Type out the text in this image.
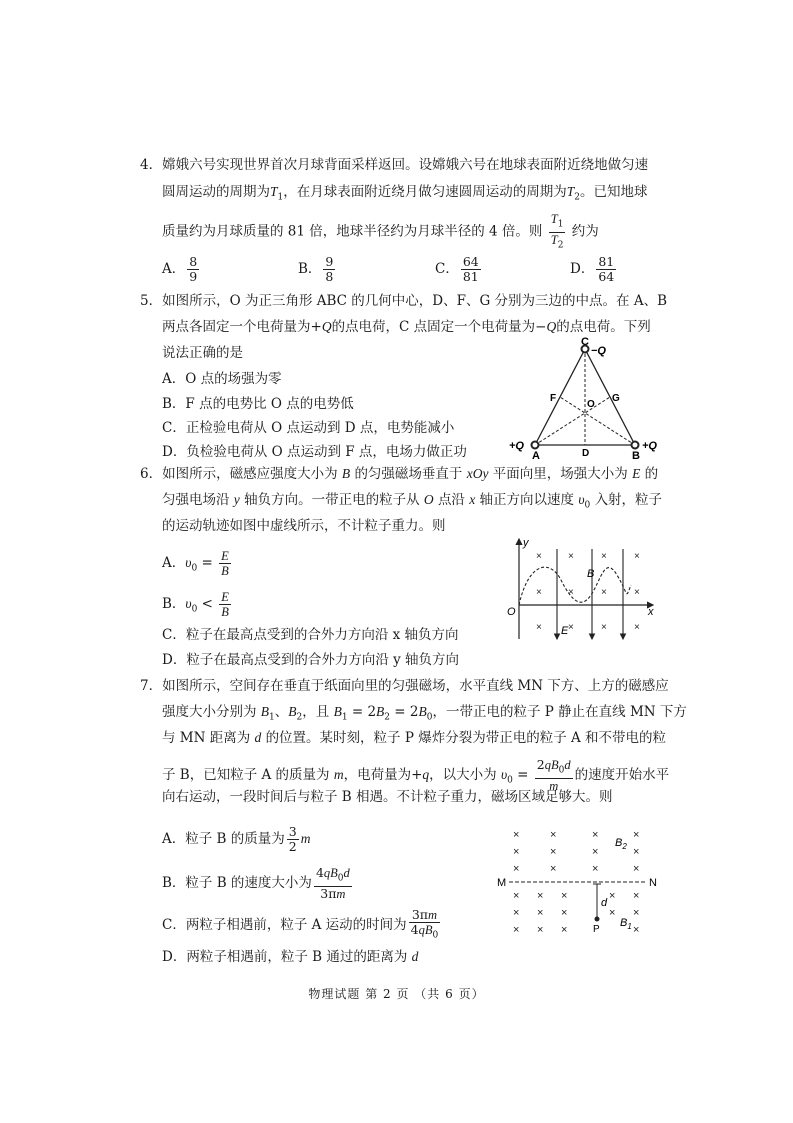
4．嫦娥六号实现世界首次月球背面采样返回。设嫦娥六号在地球表面附近绕地做匀速
圆周运动的周期为$T_1$，在月球表面附近绕月做匀速圆周运动的周期为$T_2$。已知地球
质量约为月球质量的 81 倍，地球半径约为月球半径的 4 倍。则 $\frac{T_1}{T_2}$ 约为
A． $\frac{8}{9}$	B． $\frac{9}{8}$	C． $\frac{64}{81}$	D． $\frac{81}{64}$
5．如图所示，O 为正三角形 ABC 的几何中心，D、F、G 分别为三边的中点。在 A、B
两点各固定一个电荷量为+Q的点电荷，C 点固定一个电荷量为−Q的点电荷。下列
说法正确的是
A．O 点的场强为零
B．F 点的电势比 O 点的电势低
C．正检验电荷从 O 点运动到 D 点，电势能减小
D．负检验电荷从 O 点运动到 F 点，电场力做正功
C
−Q
A
+Q
B
+Q
D
F	G
O
6．如图所示，磁感应强度大小为 B 的匀强磁场垂直于 xOy 平面向里，场强大小为 E 的
匀强电场沿 y 轴负方向。一带正电的粒子从 O 点沿 x 轴正方向以速度 $\upsilon_0$ 入射，粒子
的运动轨迹如图中虚线所示，不计粒子重力。则
A．$\upsilon_0 = \frac{E}{B}$
B．$\upsilon_0 < \frac{E}{B}$
C．粒子在最高点受到的合外力方向沿 x 轴负方向
D．粒子在最高点受到的合外力方向沿 y 轴负方向
y
x
O
×	×	×	×
×	×	×	×
×	×	×	×
B
E
7．如图所示，空间存在垂直于纸面向里的匀强磁场，水平直线 MN 下方、上方的磁感应
强度大小分别为 $B_1$、$B_2$，且 $B_1 = 2B_2 = 2B_0$，一带正电的粒子 P 静止在直线 MN 下方
与 MN 距离为 d 的位置。某时刻，粒子 P 爆炸分裂为带正电的粒子 A 和不带电的粒
子 B，已知粒子 A 的质量为 m，电荷量为+q，以大小为 $\upsilon_0 = \frac{2qB_0d}{m}$ 的速度开始水平
向右运动，一段时间后与粒子 B 相遇。不计粒子重力，磁场区域足够大。则
A．粒子 B 的质量为 $\frac{3}{2}$ m
B．粒子 B 的速度大小为 $\frac{4qB_0d}{3\pi m}$
C．两粒子相遇前，粒子 A 运动的时间为 $\frac{3\pi m}{4qB_0}$
D．两粒子相遇前，粒子 B 通过的距离为 d
×	×	×	×
×	×	×	×
×	×	×	×
$B_2$
M	N
× × ×	× ×
× × ×	× ×
× × ×	×
d
P
$B_1$
物理试题 第 2 页 （共 6 页）
